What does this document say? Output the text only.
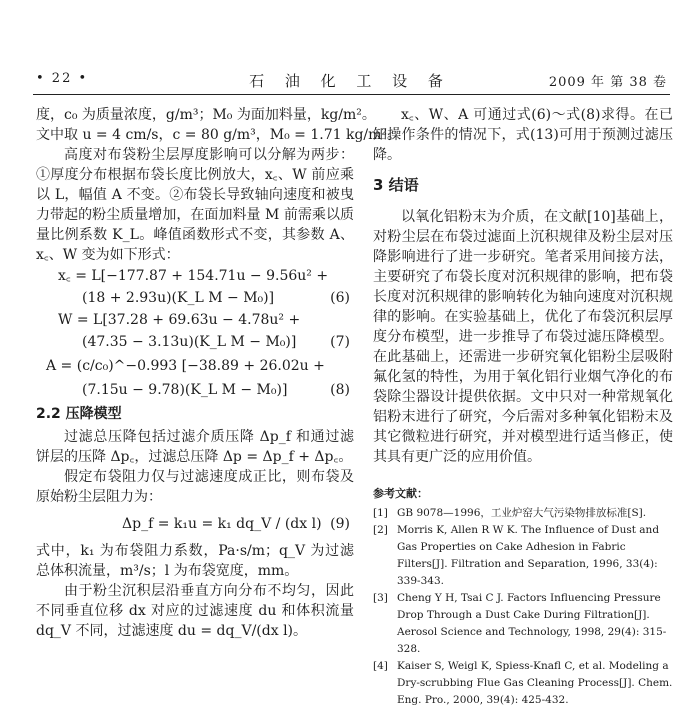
• 22 •	石 油 化 工 设 备	2009 年 第 38 卷
度，c₀ 为质量浓度，g/m³；M₀ 为面加料量，kg/m²。
文中取 u = 4 cm/s，c = 80 g/m³，M₀ = 1.71 kg/m²。

高度对布袋粉尘层厚度影响可以分解为两步：①厚度分布根据布袋长度比例放大，x꜀、W 前应乘以 L，幅值 A 不变。②布袋长导致轴向速度和被曳力带起的粉尘质量增加，在面加料量 M 前需乘以质量比例系数 K_L。峰值函数形式不变，其参数 A、x꜀、W 变为如下形式：

x꜀ = L[−177.87 + 154.71u − 9.56u² +
(18 + 2.93u)(K_L M − M₀)]	(6)
W = L[37.28 + 69.63u − 4.78u² +
(47.35 − 3.13u)(K_L M − M₀)] (7)
A = (c/c₀)^−0.993 [−38.89 + 26.02u +
(7.15u − 9.78)(K_L M − M₀)]	(8)
2.2 压降模型

过滤总压降包括过滤介质压降 Δp_f 和通过滤饼层的压降 Δp꜀，过滤总压降 Δp = Δp_f + Δp꜀。

假定布袋阻力仅与过滤速度成正比，则布袋及原始粉尘层阻力为：

Δp_f = k₁u = k₁ dq_V / (dx l) (9)

式中，k₁ 为布袋阻力系数，Pa·s/m；q_V 为过滤总体积流量，m³/s；l 为布袋宽度，mm。

由于粉尘沉积层沿垂直方向分布不均匀，因此不同垂直位移 dx 对应的过滤速度 du 和体积流量 dq_V 不同，过滤速度 du = dq_V/(dx l)。

x꜀、W、A 可通过式(6)～式(8)求得。在已知操作条件的情况下，式(13)可用于预测过滤压降。

3 结语

以氧化铝粉末为介质，在文献[10]基础上，对粉尘层在布袋过滤面上沉积规律及粉尘层对压降影响进行了进一步研究。笔者采用间接方法，主要研究了布袋长度对沉积规律的影响，把布袋长度对沉积规律的影响转化为轴向速度对沉积规律的影响。在实验基础上，优化了布袋沉积层厚度分布模型，进一步推导了布袋过滤压降模型。在此基础上，还需进一步研究氧化铝粉尘层吸附氟化氢的特性，为用于氧化铝行业烟气净化的布袋除尘器设计提供依据。文中只对一种常规氧化铝粉末进行了研究，今后需对多种氧化铝粉末及其它微粒进行研究，并对模型进行适当修正，使其具有更广泛的应用价值。

参考文献：
[1] GB 9078—1996，工业炉窑大气污染物排放标准[S].
[2] Morris K, Allen R W K. The Influence of Dust and Gas Properties on Cake Adhesion in Fabric Filters[J]. Filtration and Separation, 1996, 33(4): 339-343.
[3] Cheng Y H, Tsai C J. Factors Influencing Pressure Drop Through a Dust Cake During Filtration[J]. Aerosol Science and Technology, 1998, 29(4): 315-328.
[4] Kaiser S, Weigl K, Spiess-Knafl C, et al. Modeling a Dry-scrubbing Flue Gas Cleaning Process[J]. Chem. Eng. Pro., 2000, 39(4): 425-432.
